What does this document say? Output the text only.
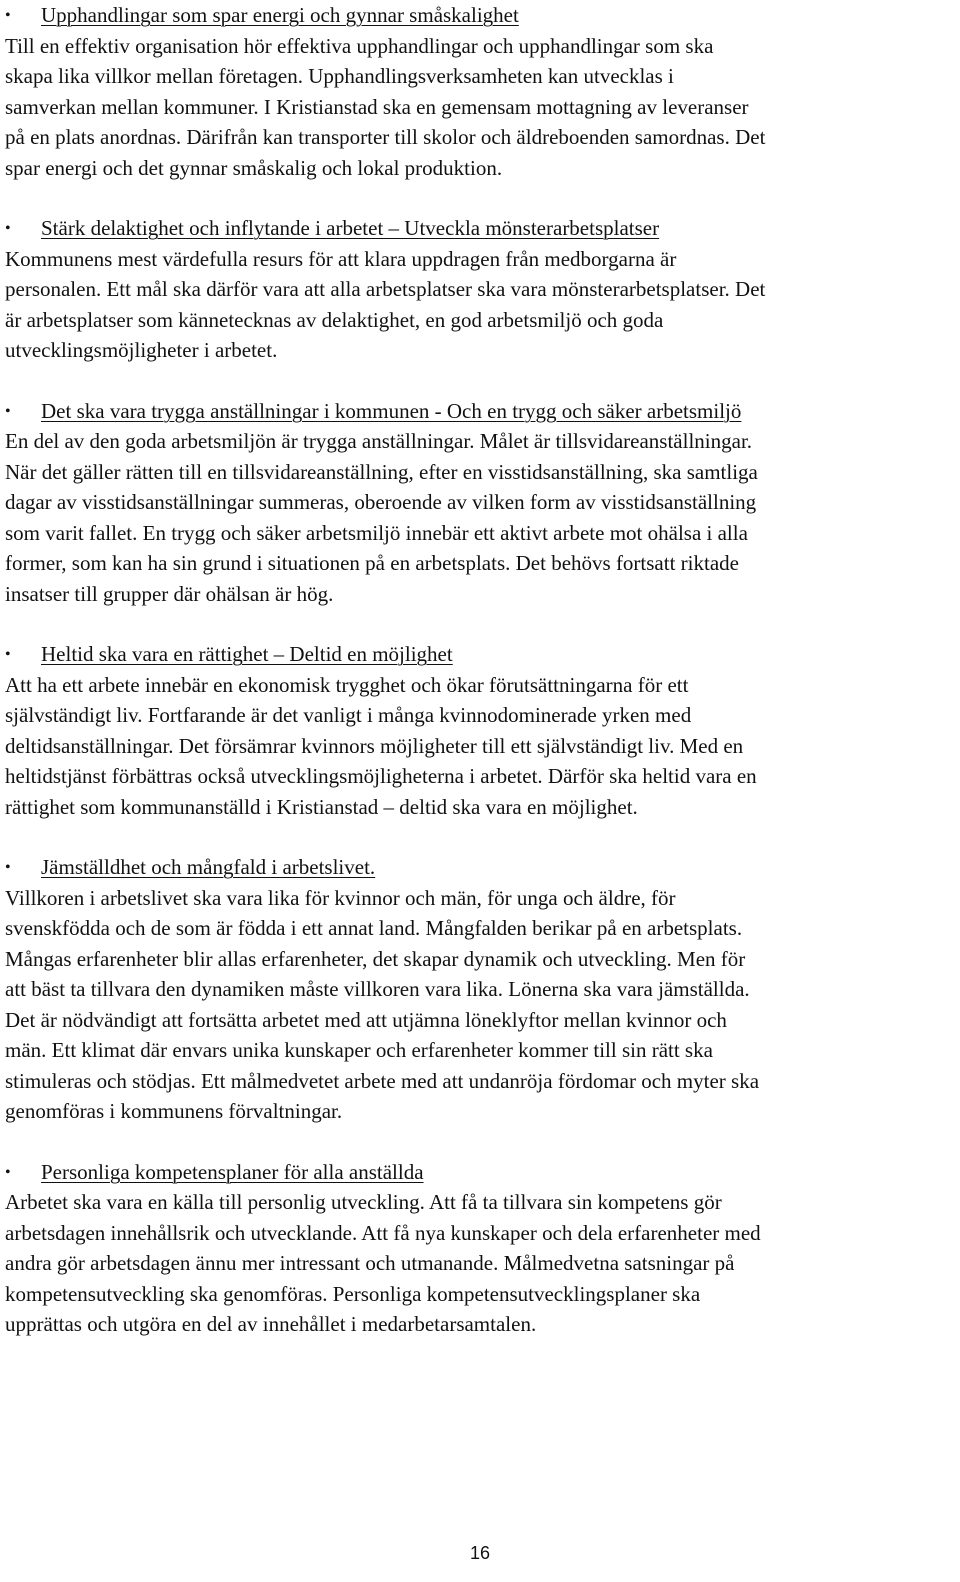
•	Upphandlingar som spar energi och gynnar småskalighet

Till en effektiv organisation hör effektiva upphandlingar och upphandlingar som ska
skapa lika villkor mellan företagen. Upphandlingsverksamheten kan utvecklas i
samverkan mellan kommuner. I Kristianstad ska en gemensam mottagning av leveranser
på en plats anordnas. Därifrån kan transporter till skolor och äldreboenden samordnas. Det
spar energi och det gynnar småskalig och lokal produktion.

•	Stärk delaktighet och inflytande i arbetet – Utveckla mönsterarbetsplatser

Kommunens mest värdefulla resurs för att klara uppdragen från medborgarna är
personalen. Ett mål ska därför vara att alla arbetsplatser ska vara mönsterarbetsplatser. Det
är arbetsplatser som kännetecknas av delaktighet, en god arbetsmiljö och goda
utvecklingsmöjligheter i arbetet.

•	Det ska vara trygga anställningar i kommunen - Och en trygg och säker arbetsmiljö

En del av den goda arbetsmiljön är trygga anställningar. Målet är tillsvidareanställningar.
När det gäller rätten till en tillsvidareanställning, efter en visstidsanställning, ska samtliga
dagar av visstidsanställningar summeras, oberoende av vilken form av visstidsanställning
som varit fallet. En trygg och säker arbetsmiljö innebär ett aktivt arbete mot ohälsa i alla
former, som kan ha sin grund i situationen på en arbetsplats. Det behövs fortsatt riktade
insatser till grupper där ohälsan är hög.

•	Heltid ska vara en rättighet – Deltid en möjlighet

Att ha ett arbete innebär en ekonomisk trygghet och ökar förutsättningarna för ett
självständigt liv. Fortfarande är det vanligt i många kvinnodominerade yrken med
deltidsanställningar. Det försämrar kvinnors möjligheter till ett självständigt liv. Med en
heltidstjänst förbättras också utvecklingsmöjligheterna i arbetet. Därför ska heltid vara en
rättighet som kommunanställd i Kristianstad – deltid ska vara en möjlighet.

•	Jämställdhet och mångfald i arbetslivet.

Villkoren i arbetslivet ska vara lika för kvinnor och män, för unga och äldre, för
svenskfödda och de som är födda i ett annat land. Mångfalden berikar på en arbetsplats.
Mångas erfarenheter blir allas erfarenheter, det skapar dynamik och utveckling. Men för
att bäst ta tillvara den dynamiken måste villkoren vara lika. Lönerna ska vara jämställda.
Det är nödvändigt att fortsätta arbetet med att utjämna löneklyftor mellan kvinnor och
män. Ett klimat där envars unika kunskaper och erfarenheter kommer till sin rätt ska
stimuleras och stödjas. Ett målmedvetet arbete med att undanröja fördomar och myter ska
genomföras i kommunens förvaltningar.

•	Personliga kompetensplaner för alla anställda

Arbetet ska vara en källa till personlig utveckling. Att få ta tillvara sin kompetens gör
arbetsdagen innehållsrik och utvecklande. Att få nya kunskaper och dela erfarenheter med
andra gör arbetsdagen ännu mer intressant och utmanande. Målmedvetna satsningar på
kompetensutveckling ska genomföras. Personliga kompetensutvecklingsplaner ska
upprättas och utgöra en del av innehållet i medarbetarsamtalen.

16
